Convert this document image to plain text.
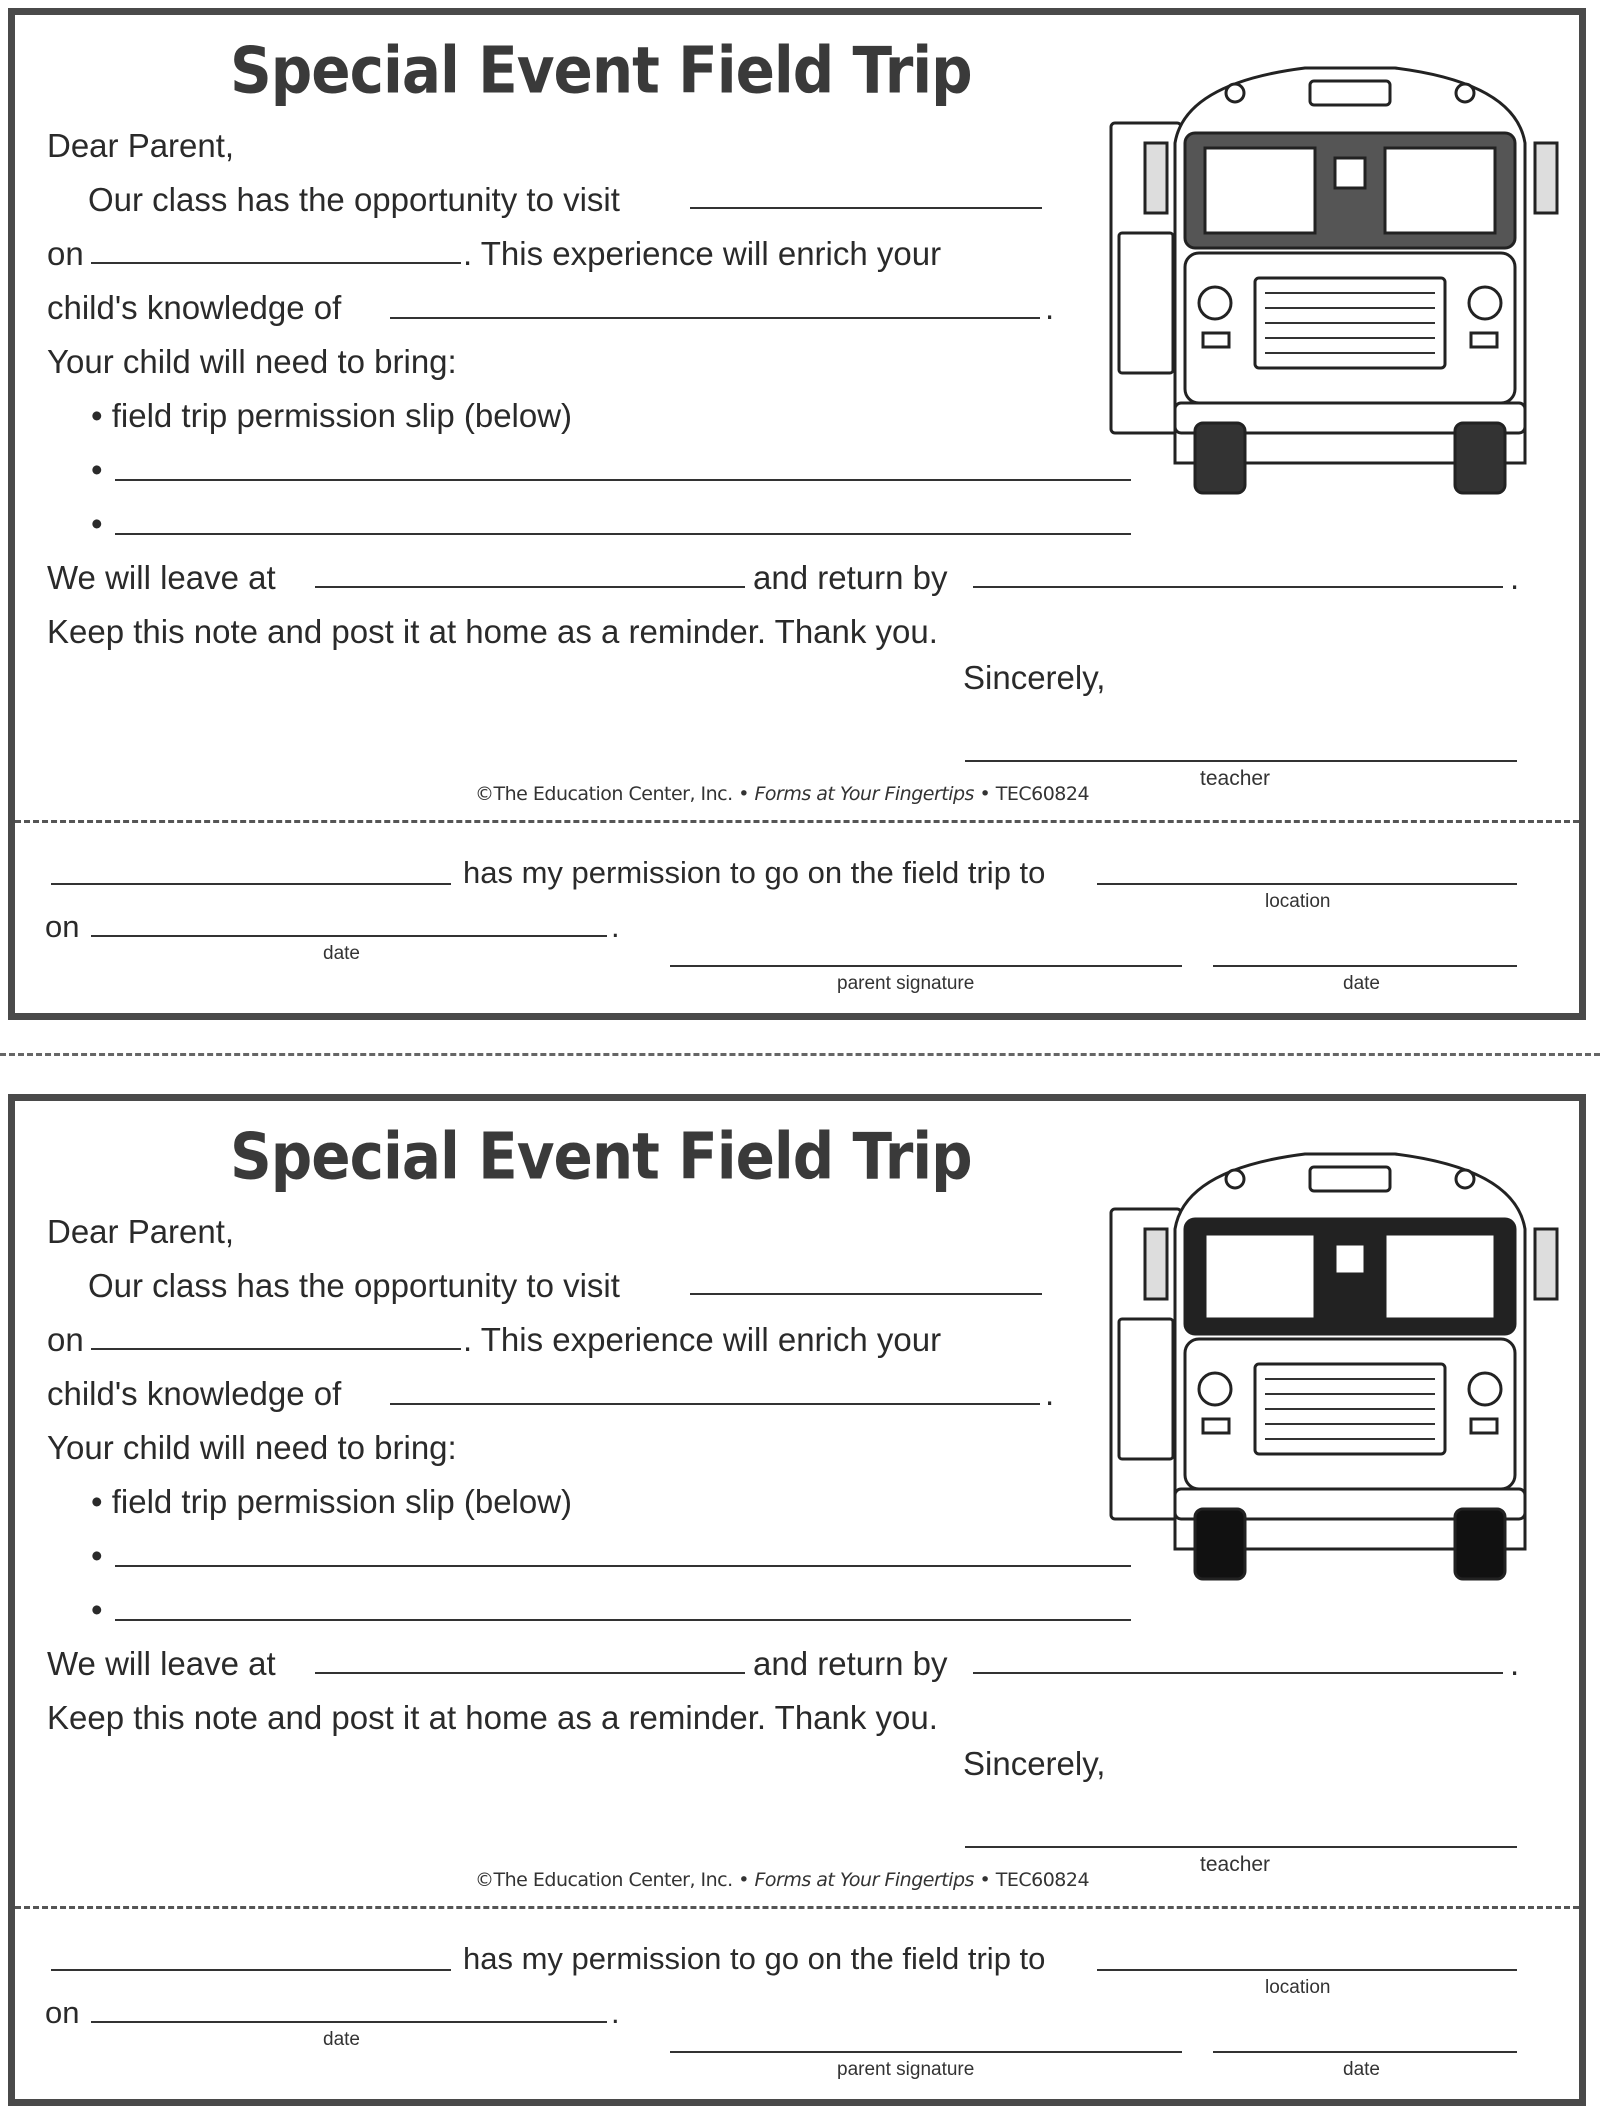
Special Event Field Trip
Dear Parent,
Our class has the opportunity to visit
on	. This experience will enrich your
child's knowledge of	.
Your child will need to bring:
• field trip permission slip (below)
•
•
We will leave at	and return by	.
Keep this note and post it at home as a reminder. Thank you.
Sincerely,
teacher
©The Education Center, Inc. • Forms at Your Fingertips • TEC60824
has my permission to go on the field trip to
location
on	.
date
parent signature	date
Special Event Field Trip
Dear Parent,
Our class has the opportunity to visit
on	. This experience will enrich your
child's knowledge of	.
Your child will need to bring:
• field trip permission slip (below)
•
•
We will leave at	and return by	.
Keep this note and post it at home as a reminder. Thank you.
Sincerely,
teacher
©The Education Center, Inc. • Forms at Your Fingertips • TEC60824
has my permission to go on the field trip to
location
on	.
date
parent signature	date
